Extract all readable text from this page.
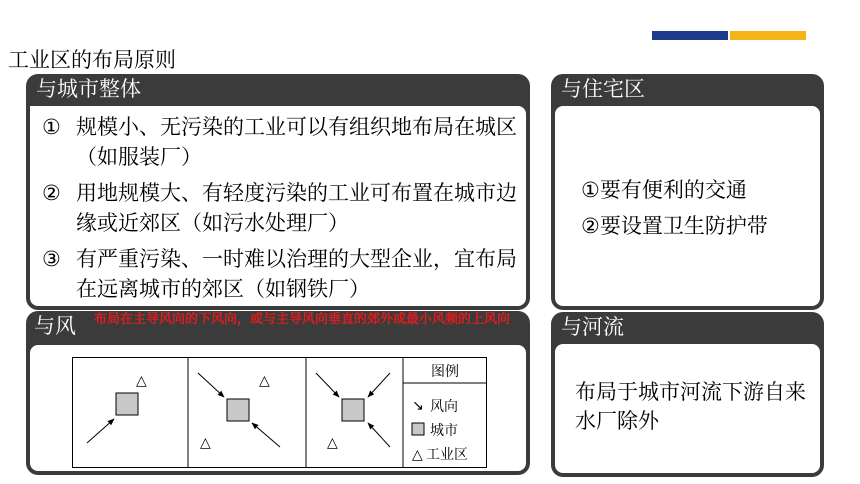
工业区的布局原则
与城市整体
① 规模小、无污染的工业可以有组织地布局在城区（如服装厂）
② 用地规模大、有轻度污染的工业可布置在城市边缘或近郊区（如污水处理厂）
③ 有严重污染、一时难以治理的大型企业，宜布局在远离城市的郊区（如钢铁厂）
与住宅区
①要有便利的交通
②要设置卫生防护带
与风	布局在主导风向的下风向，或与主导风向垂直的郊外或最小风频的上风向	与河流
布局于城市河流下游自来水厂除外
△	△
△	△
图例
↘ 风向
城市
△ 工业区
